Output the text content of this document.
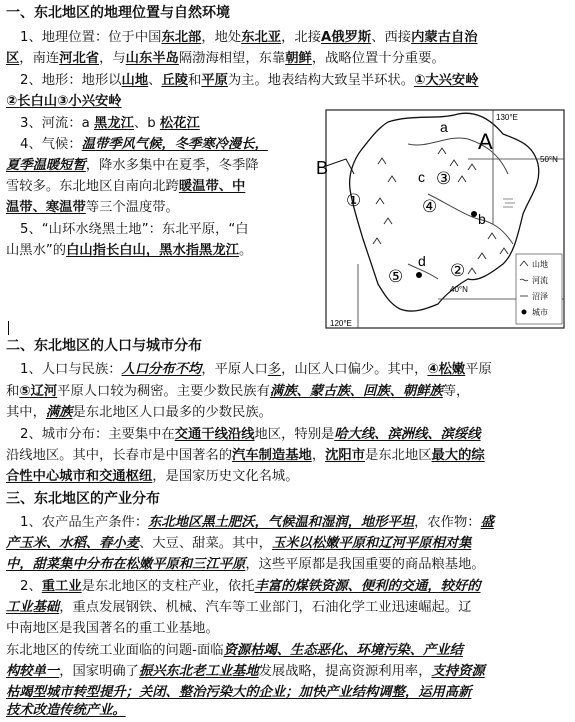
一、东北地区的地理位置与自然环境
1、地理位置：位于中国东北部，地处东北亚，北接A俄罗斯、西接内蒙古自治
区，南连河北省，与山东半岛隔渤海相望，东靠朝鲜，战略位置十分重要。
2、地形：地形以山地、丘陵和平原为主。地表结构大致呈半环状。①大兴安岭
②长白山③小兴安岭
3、河流：a 黑龙江、b 松花江
4、气候：温带季风气候，冬季寒冷漫长，
夏季温暖短暂，降水多集中在夏季，冬季降
雪较多。东北地区自南向北跨暖温带、中
温带、寒温带等三个温度带。
5、“山环水绕黑土地”：东北平原，“白
山黑水”的白山指长白山，黑水指黑龙江。
A
B	50°N
40°N
130°E
120°E
①
②
③
④
⑤
a
b
c
d	山地
河流
沼泽
城市
二、东北地区的人口与城市分布
1、人口与民族：人口分布不均，平原人口多，山区人口偏少。其中，④松嫩平原
和⑤辽河平原人口较为稠密。主要少数民族有满族、蒙古族、回族、朝鲜族等，
其中，满族是东北地区人口最多的少数民族。
2、城市分布：主要集中在交通干线沿线地区，特别是哈大线、滨洲线、滨绥线
沿线地区。其中，长春市是中国著名的汽车制造基地，沈阳市是东北地区最大的综
合性中心城市和交通枢纽，是国家历史文化名城。
三、东北地区的产业分布
1、农产品生产条件：东北地区黑土肥沃，气候温和湿润，地形平坦，农作物：盛
产玉米、水稻、春小麦、大豆、甜菜。其中，玉米以松嫩平原和辽河平原相对集
中，甜菜集中分布在松嫩平原和三江平原，这些平原都是我国重要的商品粮基地。
2、重工业是东北地区的支柱产业，依托丰富的煤铁资源、便利的交通，较好的
工业基础，重点发展钢铁、机械、汽车等工业部门，石油化学工业迅速崛起。辽
中南地区是我国著名的重工业基地。
东北地区的传统工业面临的问题-面临资源枯竭、生态恶化、环境污染、产业结
构较单一，国家明确了振兴东北老工业基地发展战略，提高资源利用率，支持资源
枯竭型城市转型提升；关闭、整治污染大的企业；加快产业结构调整，运用高新
技术改造传统产业。
